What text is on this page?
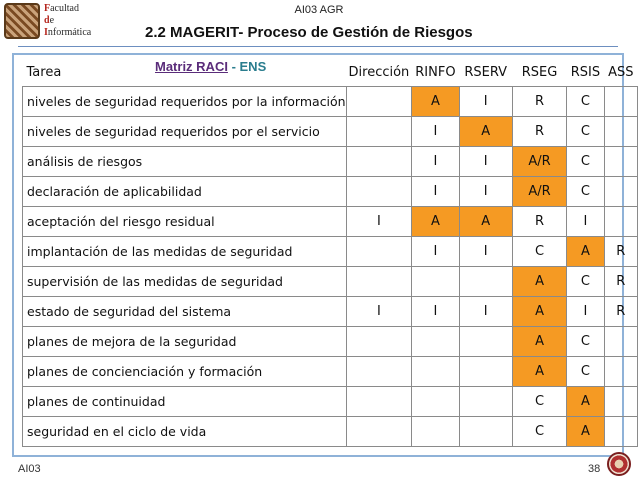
Facultad
de
Informática
AI03 AGR
2.2 MAGERIT- Proceso de Gestión de Riesgos
Tarea	Dirección	RINFO	RSERV	RSEG	RSIS	ASS
niveles de seguridad requeridos por la información		A	I	R	C	
niveles de seguridad requeridos por el servicio		I	A	R	C	
análisis de riesgos		I	I	A/R	C	
declaración de aplicabilidad		I	I	A/R	C	
aceptación del riesgo residual	I	A	A	R	I	
implantación de las medidas de seguridad		I	I	C	A	R
supervisión de las medidas de seguridad				A	C	R
estado de seguridad del sistema	I	I	I	A	I	R
planes de mejora de la seguridad				A	C	
planes de concienciación y formación				A	C	
planes de continuidad				C	A	
seguridad en el ciclo de vida				C	A	
Matriz RACI - ENS
AI03	38
